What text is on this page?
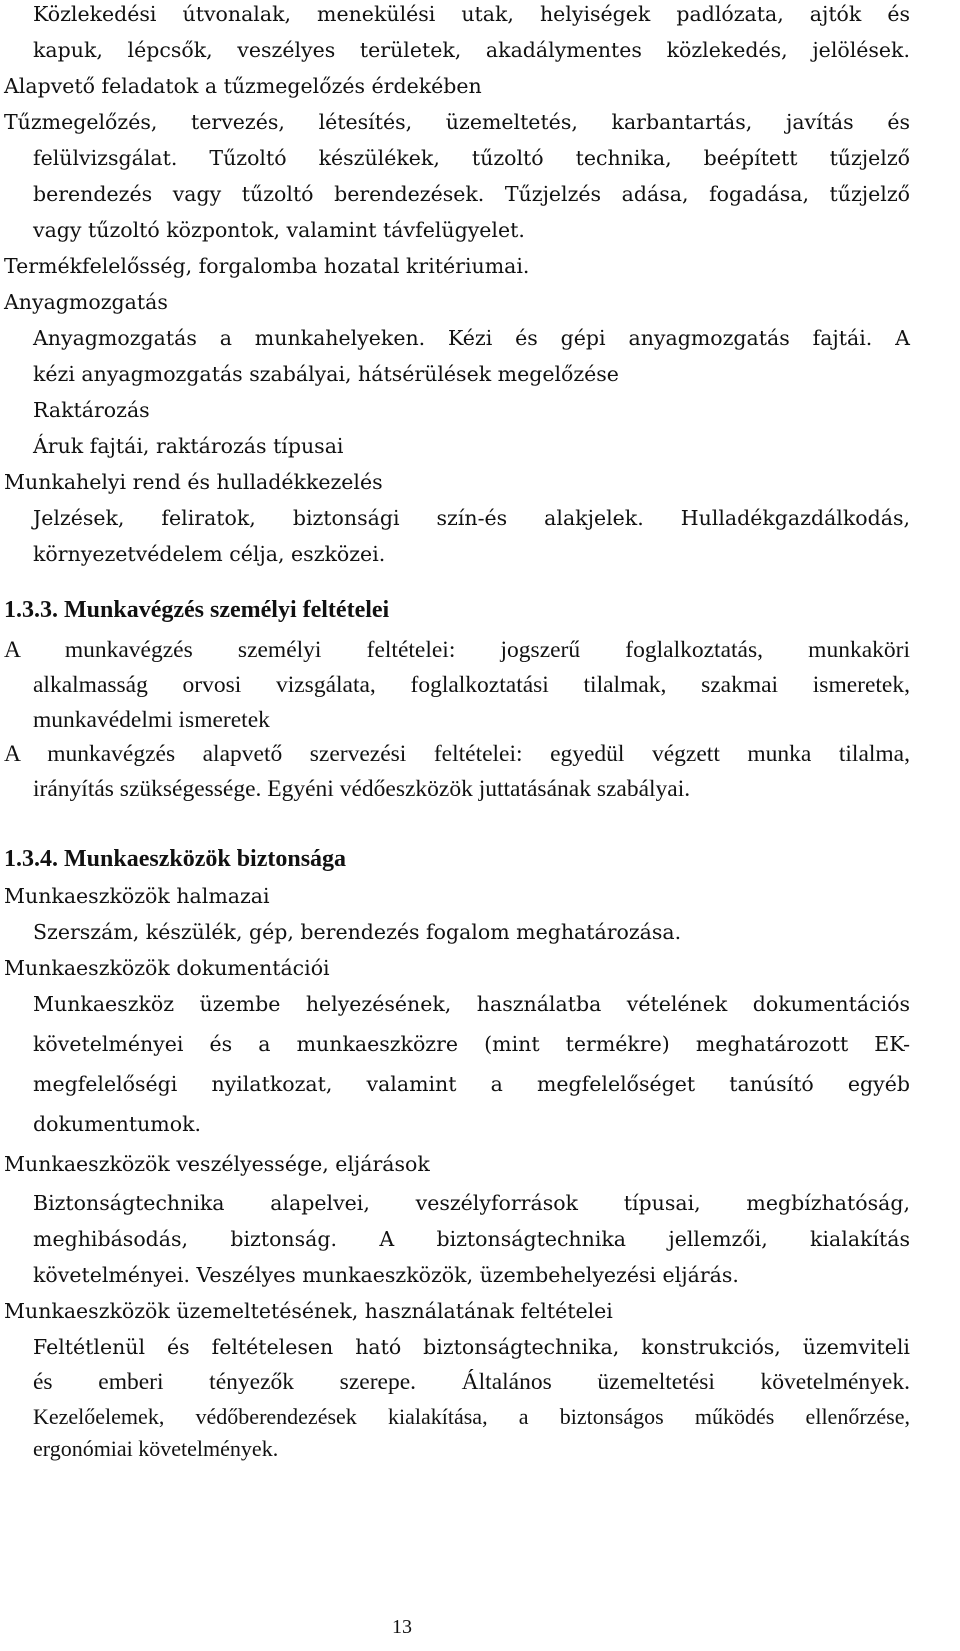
Közlekedési útvonalak, menekülési utak, helyiségek padlózata, ajtók és
kapuk, lépcsők, veszélyes területek, akadálymentes közlekedés, jelölések.
Alapvető feladatok a tűzmegelőzés érdekében
Tűzmegelőzés, tervezés, létesítés, üzemeltetés, karbantartás, javítás és
felülvizsgálat. Tűzoltó készülékek, tűzoltó technika, beépített tűzjelző
berendezés vagy tűzoltó berendezések. Tűzjelzés adása, fogadása, tűzjelző
vagy tűzoltó központok, valamint távfelügyelet.
Termékfelelősség, forgalomba hozatal kritériumai.
Anyagmozgatás
Anyagmozgatás a munkahelyeken. Kézi és gépi anyagmozgatás fajtái. A
kézi anyagmozgatás szabályai, hátsérülések megelőzése
Raktározás
Áruk fajtái, raktározás típusai
Munkahelyi rend és hulladékkezelés
Jelzések, feliratok, biztonsági szín-és alakjelek. Hulladékgazdálkodás,
környezetvédelem célja, eszközei.
1.3.3. Munkavégzés személyi feltételei
A munkavégzés személyi feltételei: jogszerű foglalkoztatás, munkaköri
alkalmasság orvosi vizsgálata, foglalkoztatási tilalmak, szakmai ismeretek,
munkavédelmi ismeretek
A munkavégzés alapvető szervezési feltételei: egyedül végzett munka tilalma,
irányítás szükségessége. Egyéni védőeszközök juttatásának szabályai.
1.3.4. Munkaeszközök biztonsága
Munkaeszközök halmazai
Szerszám, készülék, gép, berendezés fogalom meghatározása.
Munkaeszközök dokumentációi
Munkaeszköz üzembe helyezésének, használatba vételének dokumentációs
követelményei és a munkaeszközre (mint termékre) meghatározott EK-
megfelelőségi nyilatkozat, valamint a megfelelőséget tanúsító egyéb
dokumentumok.
Munkaeszközök veszélyessége, eljárások
Biztonságtechnika alapelvei, veszélyforrások típusai, megbízhatóság,
meghibásodás, biztonság. A biztonságtechnika jellemzői, kialakítás
követelményei. Veszélyes munkaeszközök, üzembehelyezési eljárás.
Munkaeszközök üzemeltetésének, használatának feltételei
Feltétlenül és feltételesen ható biztonságtechnika, konstrukciós, üzemviteli
és emberi tényezők szerepe. Általános üzemeltetési követelmények.
Kezelőelemek, védőberendezések kialakítása, a biztonságos működés ellenőrzése,
ergonómiai követelmények.
13
